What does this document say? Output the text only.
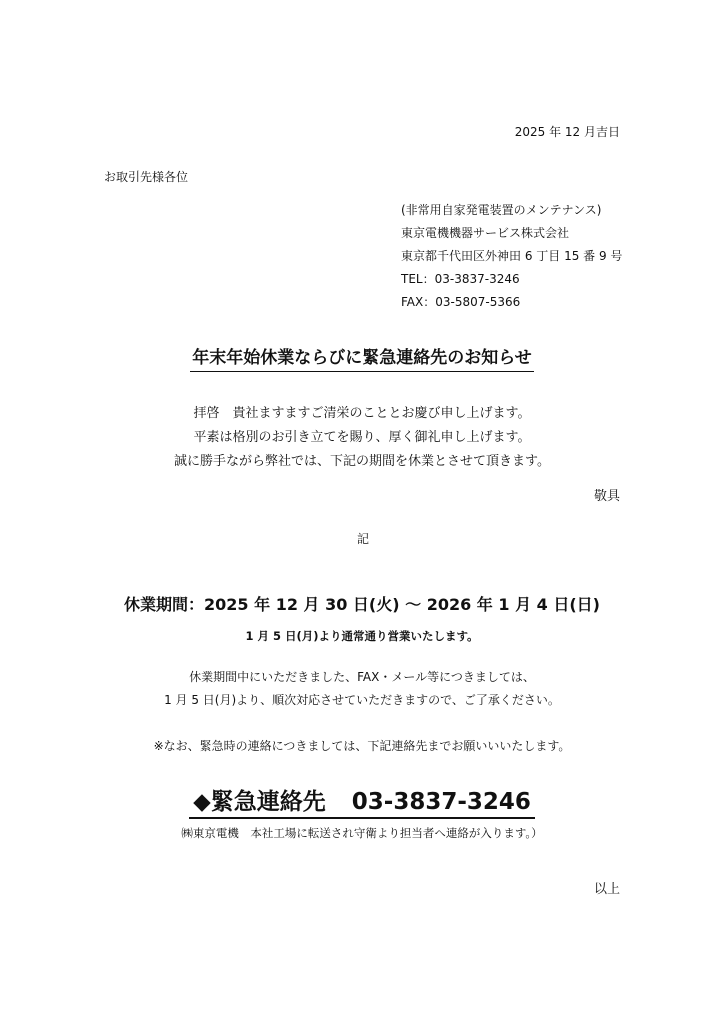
2025 年 12 月吉日
お取引先様各位
(非常用自家発電装置のメンテナンス)
東京電機機器サービス株式会社
東京都千代田区外神田 6 丁目 15 番 9 号
TEL：03-3837-3246
FAX：03-5807-5366
年末年始休業ならびに緊急連絡先のお知らせ
拝啓　貴社ますますご清栄のこととお慶び申し上げます。
平素は格別のお引き立てを賜り、厚く御礼申し上げます。
誠に勝手ながら弊社では、下記の期間を休業とさせて頂きます。
敬具
記
休業期間：2025 年 12 月 30 日(火) ～ 2026 年 1 月 4 日(日)
1 月 5 日(月)より通常通り営業いたします。
休業期間中にいただきました、FAX・メール等につきましては、
1 月 5 日(月)より、順次対応させていただきますので、ご了承ください。
※なお、緊急時の連絡につきましては、下記連絡先までお願いいいたします。
◆緊急連絡先 03-3837-3246
㈱東京電機　本社工場に転送され守衛より担当者へ連絡が入ります。）
以上
